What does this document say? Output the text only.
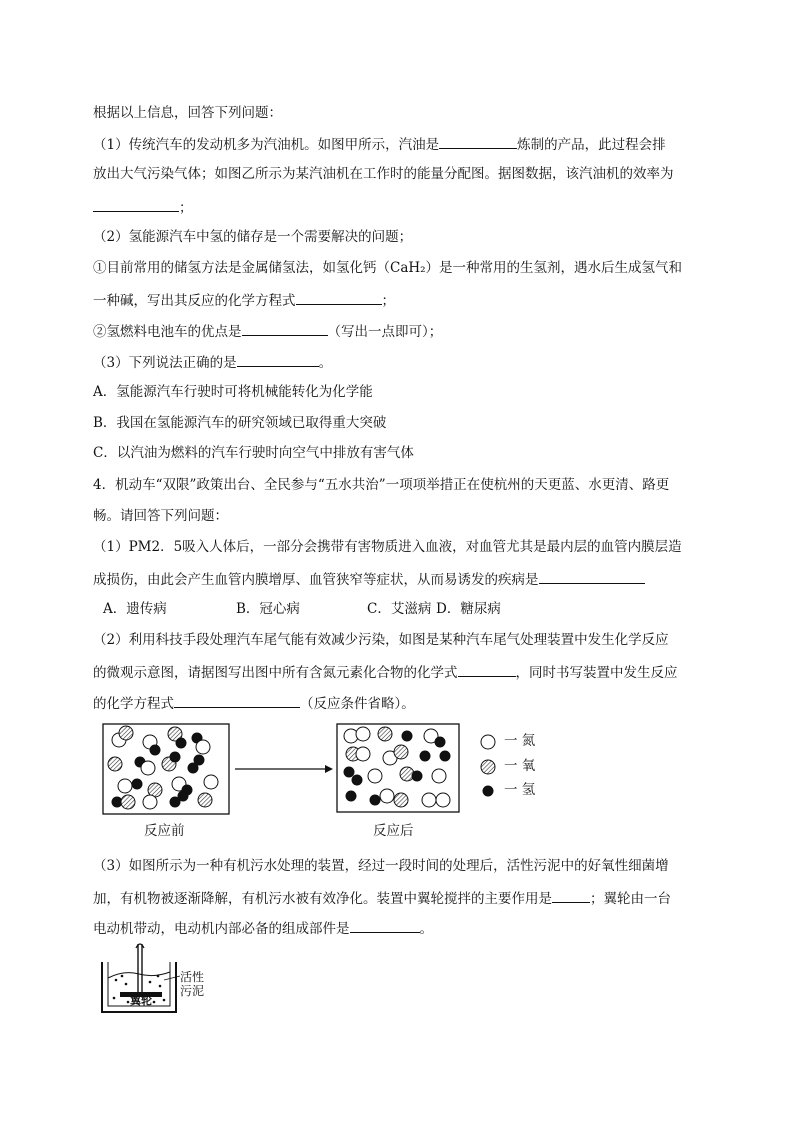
根据以上信息，回答下列问题：
（1）传统汽车的发动机多为汽油机。如图甲所示，汽油是	炼制的产品，此过程会排
放出大气污染气体；如图乙所示为某汽油机在工作时的能量分配图。据图数据，该汽油机的效率为
；
（2）氢能源汽车中氢的储存是一个需要解决的问题；
①目前常用的储氢方法是金属储氢法，如氢化钙（CaH₂）是一种常用的生氢剂，遇水后生成氢气和
一种碱，写出其反应的化学方程式	；
②氢燃料电池车的优点是	（写出一点即可）；
（3）下列说法正确的是	。
A．氢能源汽车行驶时可将机械能转化为化学能
B．我国在氢能源汽车的研究领域已取得重大突破
C．以汽油为燃料的汽车行驶时向空气中排放有害气体
4．机动车“双限”政策出台、全民参与“五水共治”一项项举措正在使杭州的天更蓝、水更清、路更
畅。请回答下列问题：
（1）PM2．5吸入人体后，一部分会携带有害物质进入血液，对血管尤其是最内层的血管内膜层造
成损伤，由此会产生血管内膜增厚、血管狭窄等症状，从而易诱发的疾病是
A．遗传病	B．冠心病	C．艾滋病 D．糖尿病
（2）利用科技手段处理汽车尾气能有效减少污染，如图是某种汽车尾气处理装置中发生化学反应
的微观示意图，请据图写出图中所有含氮元素化合物的化学式	，同时书写装置中发生反应
的化学方程式	（反应条件省略）。
一 氮
一 氧
一 氢
反应前	反应后
（3）如图所示为一种有机污水处理的装置，经过一段时间的处理后，活性污泥中的好氧性细菌增
加，有机物被逐渐降解，有机污水被有效净化。装置中翼轮搅拌的主要作用是	；翼轮由一台
电动机带动，电动机内部必备的组成部件是	。
活性
污泥
翼轮
